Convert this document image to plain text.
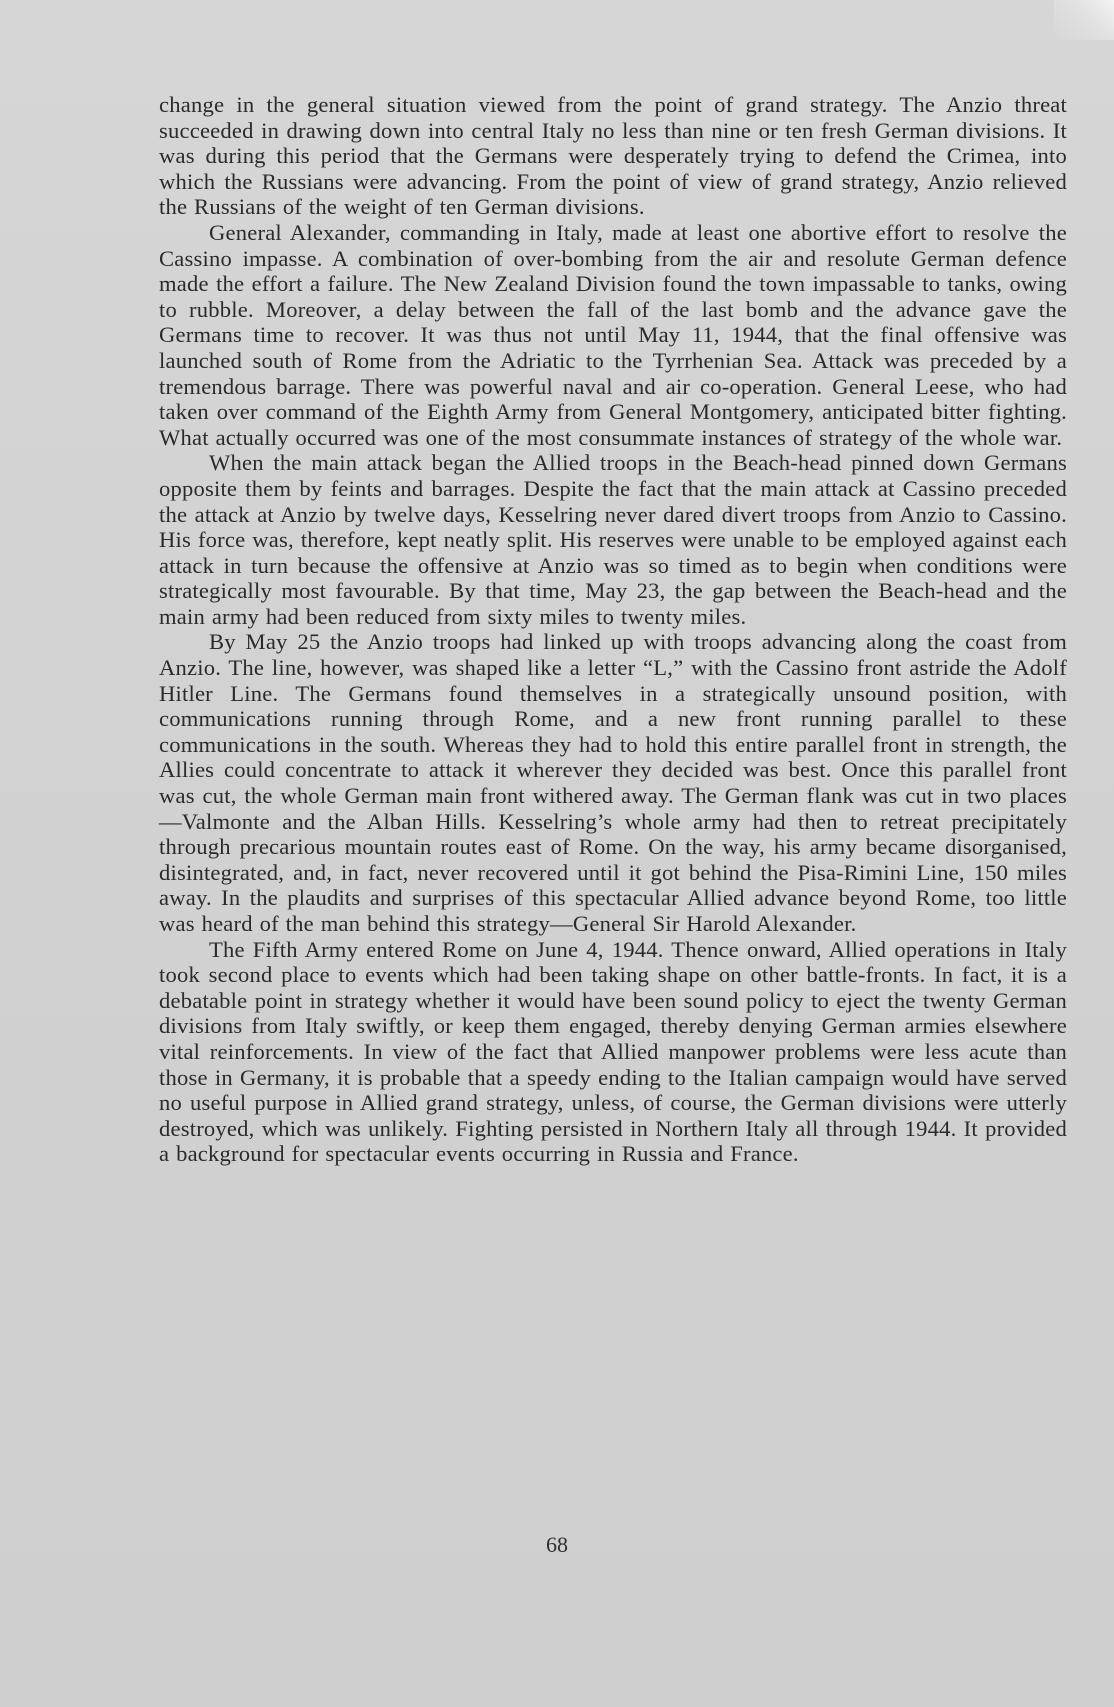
change in the general situation viewed from the point of grand strategy. The Anzio threat succeeded in drawing down into central Italy no less than nine or ten fresh German divisions. It was during this period that the Germans were desperately trying to defend the Crimea, into which the Russians were advancing. From the point of view of grand strategy, Anzio relieved the Russians of the weight of ten German divisions.

General Alexander, commanding in Italy, made at least one abortive effort to resolve the Cassino impasse. A combination of over-bombing from the air and resolute German defence made the effort a failure. The New Zealand Division found the town impassable to tanks, owing to rubble. Moreover, a delay between the fall of the last bomb and the advance gave the Germans time to recover. It was thus not until May 11, 1944, that the final offensive was launched south of Rome from the Adriatic to the Tyrrhenian Sea. Attack was preceded by a tremendous barrage. There was powerful naval and air co-operation. General Leese, who had taken over command of the Eighth Army from General Montgomery, anticipated bitter fighting. What actually occurred was one of the most consummate instances of strategy of the whole war.

When the main attack began the Allied troops in the Beach-head pinned down Germans opposite them by feints and barrages. Despite the fact that the main attack at Cassino preceded the attack at Anzio by twelve days, Kesselring never dared divert troops from Anzio to Cassino. His force was, therefore, kept neatly split. His reserves were unable to be employed against each attack in turn because the offensive at Anzio was so timed as to begin when conditions were strategically most favourable. By that time, May 23, the gap between the Beach-head and the main army had been reduced from sixty miles to twenty miles.

By May 25 the Anzio troops had linked up with troops advancing along the coast from Anzio. The line, however, was shaped like a letter “L,” with the Cassino front astride the Adolf Hitler Line. The Germans found themselves in a strategically unsound position, with communications running through Rome, and a new front running parallel to these communications in the south. Whereas they had to hold this entire parallel front in strength, the Allies could concentrate to attack it wherever they decided was best. Once this parallel front was cut, the whole German main front withered away. The German flank was cut in two places—Valmonte and the Alban Hills. Kesselring’s whole army had then to retreat precipitately through precarious mountain routes east of Rome. On the way, his army became disorganised, disintegrated, and, in fact, never recovered until it got behind the Pisa-Rimini Line, 150 miles away. In the plaudits and surprises of this spectacular Allied advance beyond Rome, too little was heard of the man behind this strategy—General Sir Harold Alexander.

The Fifth Army entered Rome on June 4, 1944. Thence onward, Allied operations in Italy took second place to events which had been taking shape on other battle-fronts. In fact, it is a debatable point in strategy whether it would have been sound policy to eject the twenty German divisions from Italy swiftly, or keep them engaged, thereby denying German armies elsewhere vital reinforcements. In view of the fact that Allied manpower problems were less acute than those in Germany, it is probable that a speedy ending to the Italian campaign would have served no useful purpose in Allied grand strategy, unless, of course, the German divisions were utterly destroyed, which was unlikely. Fighting persisted in Northern Italy all through 1944. It provided a background for spectacular events occurring in Russia and France.

68
